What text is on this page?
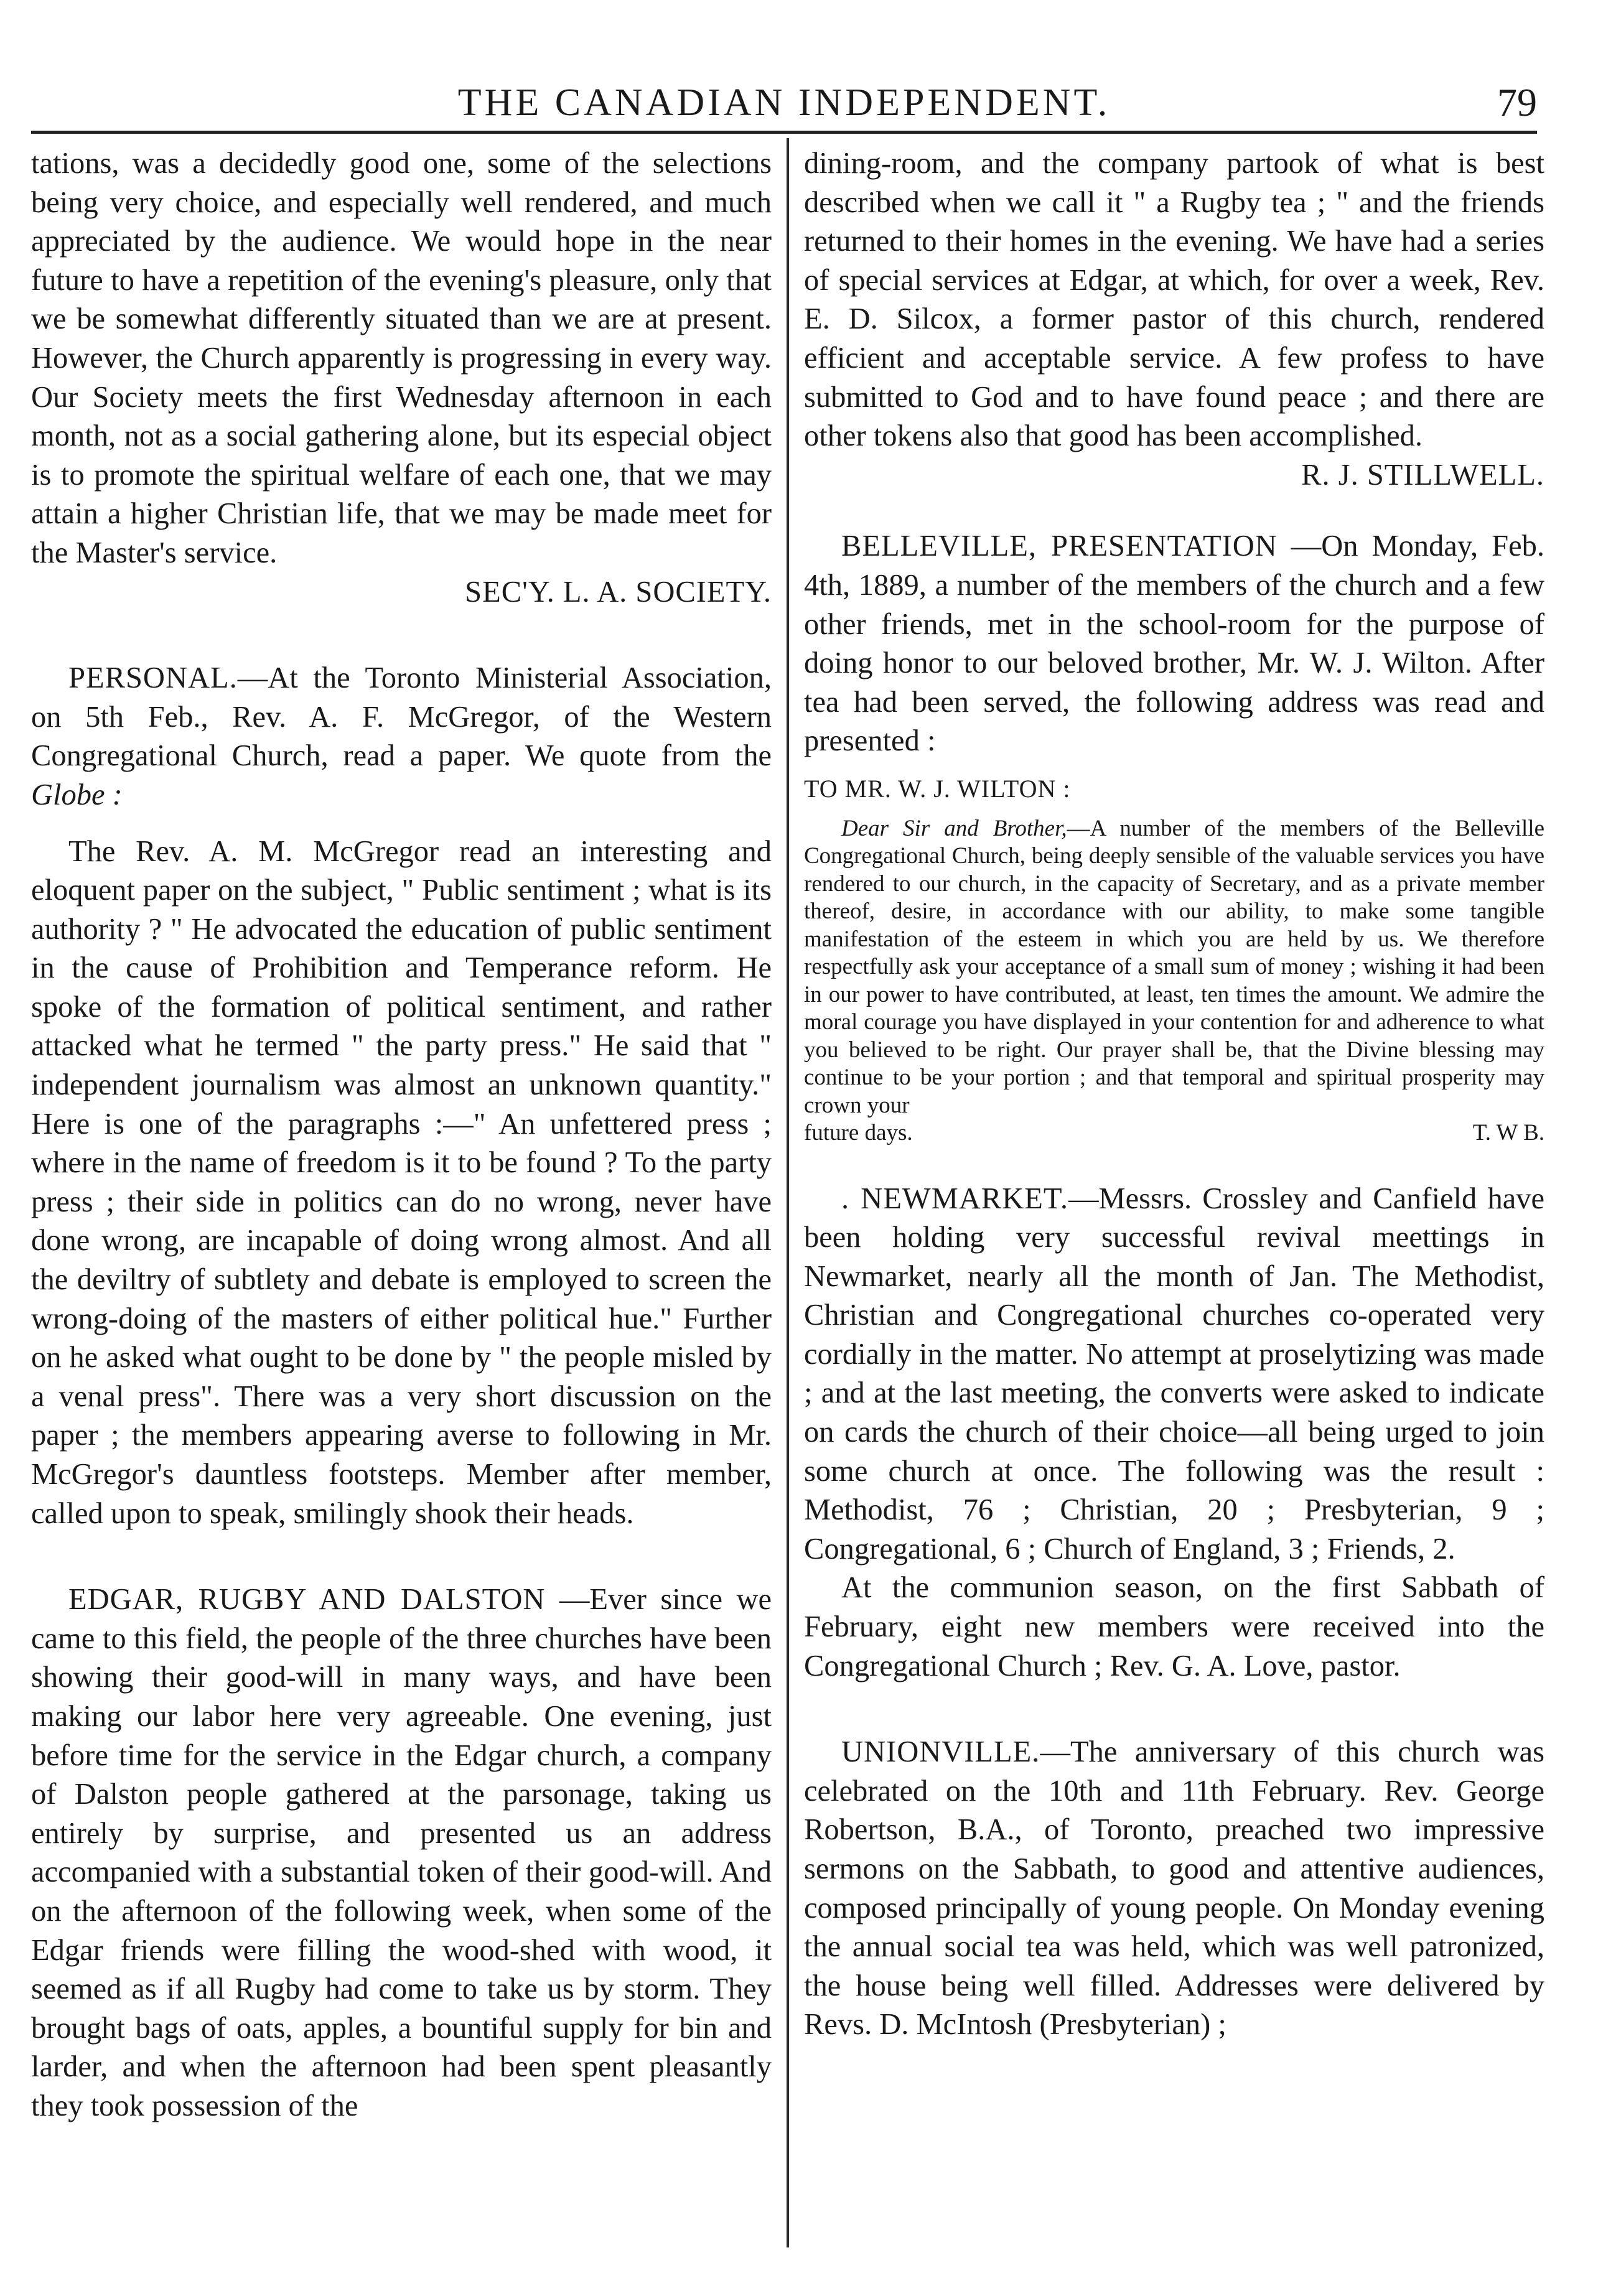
THE CANADIAN INDEPENDENT.	79

tations, was a decidedly good one, some of the selections being very choice, and especially well rendered, and much appreciated by the audience. We would hope in the near future to have a repetition of the evening's pleasure, only that we be somewhat differently situated than we are at present. However, the Church apparently is progressing in every way. Our Society meets the first Wednesday afternoon in each month, not as a social gathering alone, but its especial object is to promote the spiritual welfare of each one, that we may attain a higher Christian life, that we may be made meet for the Master's service.

SEC'Y. L. A. SOCIETY.

PERSONAL.—At the Toronto Ministerial Association, on 5th Feb., Rev. A. F. McGregor, of the Western Congregational Church, read a paper. We quote from the Globe :

The Rev. A. M. McGregor read an interesting and eloquent paper on the subject, " Public sentiment ; what is its authority ? " He advocated the education of public sentiment in the cause of Prohibition and Temperance reform. He spoke of the formation of political sentiment, and rather attacked what he termed " the party press." He said that " independent journalism was almost an unknown quantity." Here is one of the paragraphs :—" An unfettered press ; where in the name of freedom is it to be found ? To the party press ; their side in politics can do no wrong, never have done wrong, are incapable of doing wrong almost. And all the deviltry of subtlety and debate is employed to screen the wrong-doing of the masters of either political hue." Further on he asked what ought to be done by " the people misled by a venal press". There was a very short discussion on the paper ; the members appearing averse to following in Mr. McGregor's dauntless footsteps. Member after member, called upon to speak, smilingly shook their heads.

EDGAR, RUGBY AND DALSTON —Ever since we came to this field, the people of the three churches have been showing their good-will in many ways, and have been making our labor here very agreeable. One evening, just before time for the service in the Edgar church, a company of Dalston people gathered at the parsonage, taking us entirely by surprise, and presented us an address accompanied with a substantial token of their good-will. And on the afternoon of the following week, when some of the Edgar friends were filling the wood-shed with wood, it seemed as if all Rugby had come to take us by storm. They brought bags of oats, apples, a bountiful supply for bin and larder, and when the afternoon had been spent pleasantly they took possession of the

dining-room, and the company partook of what is best described when we call it " a Rugby tea ; " and the friends returned to their homes in the evening. We have had a series of special services at Edgar, at which, for over a week, Rev. E. D. Silcox, a former pastor of this church, rendered efficient and acceptable service. A few profess to have submitted to God and to have found peace ; and there are other tokens also that good has been accomplished.

R. J. STILLWELL.

BELLEVILLE, PRESENTATION —On Monday, Feb. 4th, 1889, a number of the members of the church and a few other friends, met in the school-room for the purpose of doing honor to our beloved brother, Mr. W. J. Wilton. After tea had been served, the following address was read and presented :

TO MR. W. J. WILTON :

Dear Sir and Brother,—A number of the members of the Belleville Congregational Church, being deeply sensible of the valuable services you have rendered to our church, in the capacity of Secretary, and as a private member thereof, desire, in accordance with our ability, to make some tangible manifestation of the esteem in which you are held by us. We therefore respectfully ask your acceptance of a small sum of money ; wishing it had been in our power to have contributed, at least, ten times the amount. We admire the moral courage you have displayed in your contention for and adherence to what you believed to be right. Our prayer shall be, that the Divine blessing may continue to be your portion ; and that temporal and spiritual prosperity may crown your

future days.	T. W B.

. NEWMARKET.—Messrs. Crossley and Canfield have been holding very successful revival meettings in Newmarket, nearly all the month of Jan. The Methodist, Christian and Congregational churches co-operated very cordially in the matter. No attempt at proselytizing was made ; and at the last meeting, the converts were asked to indicate on cards the church of their choice—all being urged to join some church at once. The following was the result : Methodist, 76 ; Christian, 20 ; Presbyterian, 9 ; Congregational, 6 ; Church of England, 3 ; Friends, 2.

At the communion season, on the first Sabbath of February, eight new members were received into the Congregational Church ; Rev. G. A. Love, pastor.

UNIONVILLE.—The anniversary of this church was celebrated on the 10th and 11th February. Rev. George Robertson, B.A., of Toronto, preached two impressive sermons on the Sabbath, to good and attentive audiences, composed principally of young people. On Monday evening the annual social tea was held, which was well patronized, the house being well filled. Addresses were delivered by Revs. D. McIntosh (Presbyterian) ;
